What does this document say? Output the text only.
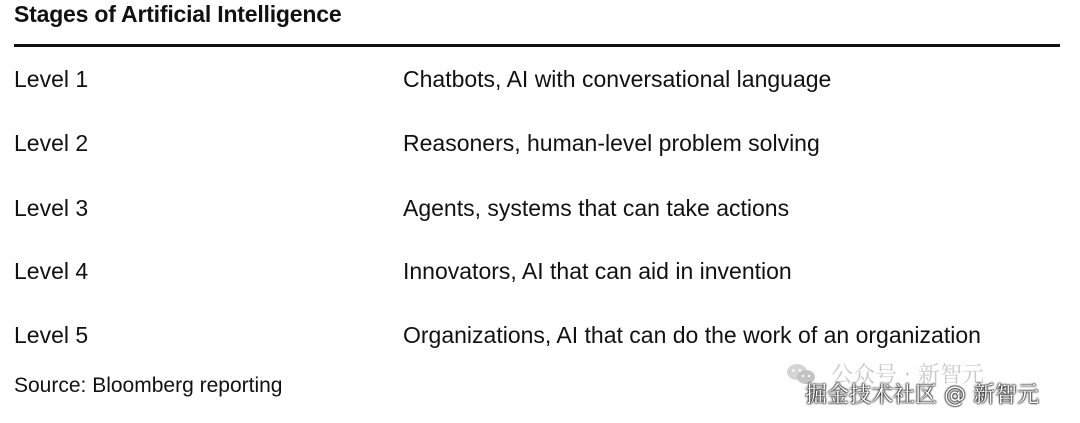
Stages of Artificial Intelligence
Level 1	Chatbots, AI with conversational language
Level 2	Reasoners, human-level problem solving
Level 3	Agents, systems that can take actions
Level 4	Innovators, AI that can aid in invention
Level 5	Organizations, AI that can do the work of an organization
Source: Bloomberg reporting	公众号 · 新智元
掘金技术社区 @ 新智元
